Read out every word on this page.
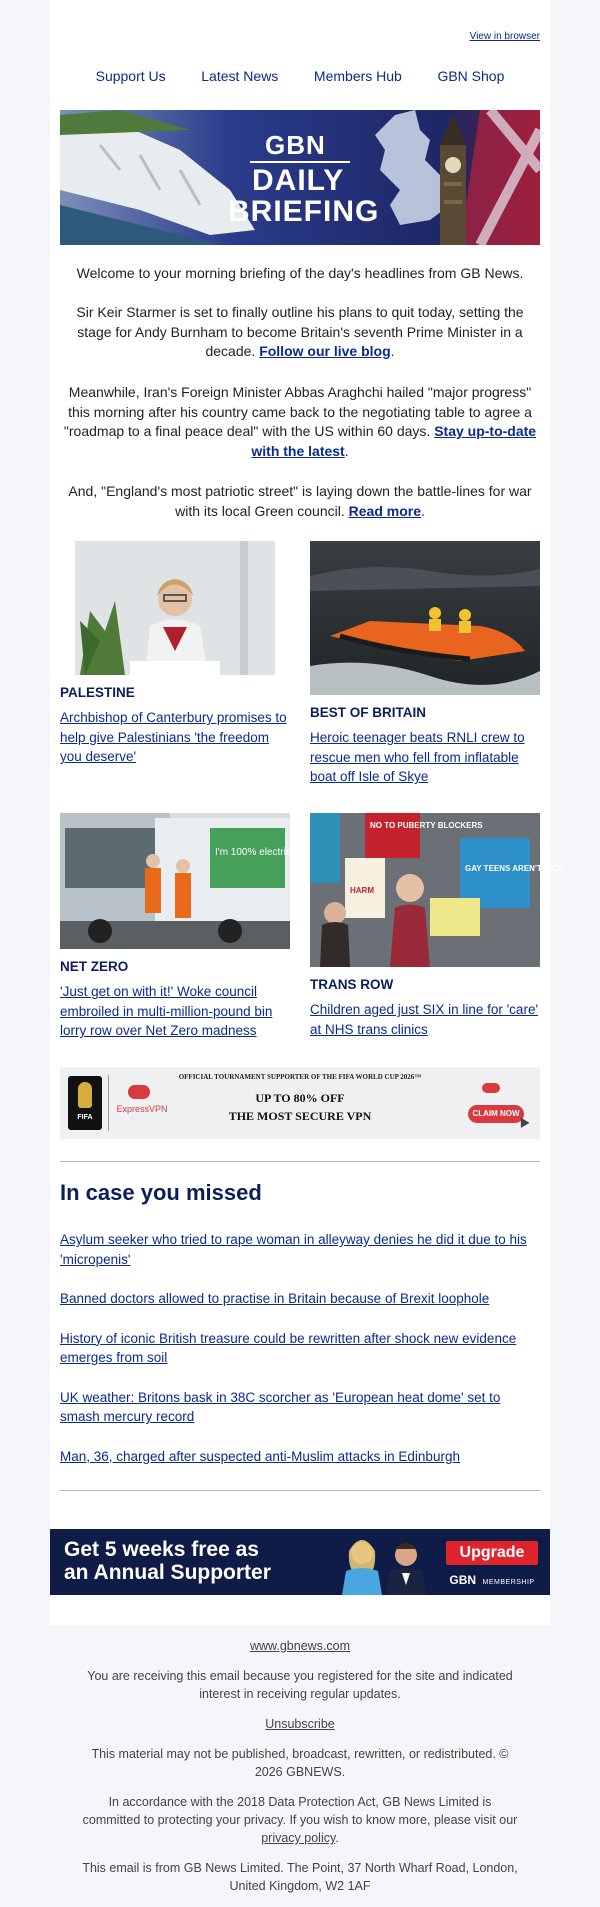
View in browser
Support Us	Latest News	Members Hub	GBN Shop
GBN
DAILY
BRIEFING

Welcome to your morning briefing of the day's headlines from GB News.

Sir Keir Starmer is set to finally outline his plans to quit today, setting the stage for Andy Burnham to become Britain's seventh Prime Minister in a decade. Follow our live blog.

Meanwhile, Iran's Foreign Minister Abbas Araghchi hailed "major progress" this morning after his country came back to the negotiating table to agree a "roadmap to a final peace deal" with the US within 60 days. Stay up-to-date with the latest.

And, "England's most patriotic street" is laying down the battle-lines for war with its local Green council. Read more.

PALESTINE
Archbishop of Canterbury promises to help give Palestinians 'the freedom you deserve'
BEST OF BRITAIN
Heroic teenager beats RNLI crew to rescue men who fell from inflatable boat off Isle of Skye
I'm 100% electric
NET ZERO
'Just get on with it!' Woke council embroiled in multi-million-pound bin lorry row over Net Zero madness
NO TO PUBERTY BLOCKERS
GAY TEENS AREN'T SICK
HARM
TRANS ROW
Children aged just SIX in line for 'care' at NHS trans clinics
FIFA
ExpressVPN
OFFICIAL TOURNAMENT SUPPORTER OF THE FIFA WORLD CUP 2026™
UP TO 80% OFF
THE MOST SECURE VPN	CLAIM NOW
In case you missed
Asylum seeker who tried to rape woman in alleyway denies he did it due to his 'micropenis'
Banned doctors allowed to practise in Britain because of Brexit loophole
History of iconic British treasure could be rewritten after shock new evidence emerges from soil
UK weather: Britons bask in 38C scorcher as 'European heat dome' set to smash mercury record
Man, 36, charged after suspected anti-Muslim attacks in Edinburgh
Get 5 weeks free as
an Annual Supporter
Upgrade
GBN MEMBERSHIP

www.gbnews.com

You are receiving this email because you registered for the site and indicated interest in receiving regular updates.

Unsubscribe

This material may not be published, broadcast, rewritten, or redistributed. © 2026 GBNEWS.

In accordance with the 2018 Data Protection Act, GB News Limited is committed to protecting your privacy. If you wish to know more, please visit our privacy policy.

This email is from GB News Limited. The Point, 37 North Wharf Road, London, United Kingdom, W2 1AF
